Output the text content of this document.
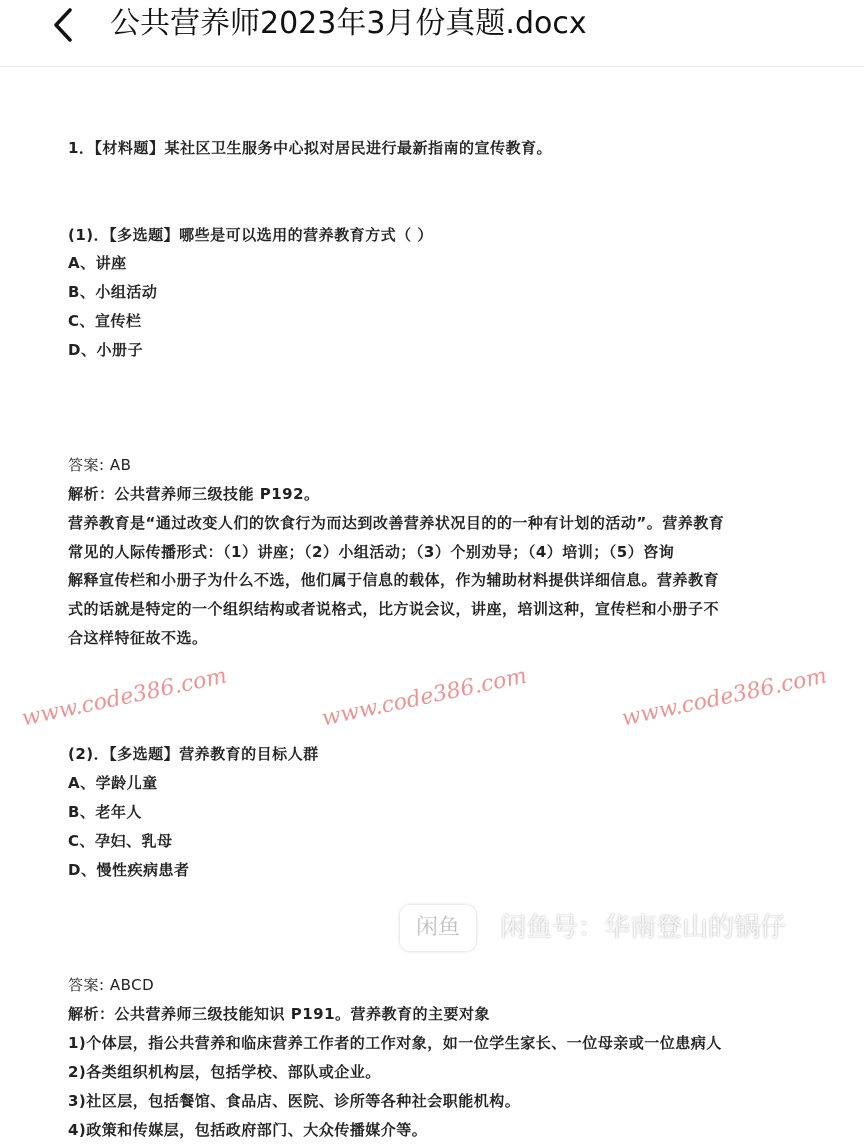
公共营养师2023年3月份真题.docx
1．【材料题】某社区卫生服务中心拟对居民进行最新指南的宣传教育。
(1)．【多选题】哪些是可以选用的营养教育方式（ ）
A、讲座
B、小组活动
C、宣传栏
D、小册子
答案: AB
解析：公共营养师三级技能 P192。
营养教育是“通过改变人们的饮食行为而达到改善营养状况目的的一种有计划的活动”。营养教育
常见的人际传播形式：（1）讲座；（2）小组活动；（3）个别劝导；（4）培训；（5）咨询
解释宣传栏和小册子为什么不选，他们属于信息的载体，作为辅助材料提供详细信息。营养教育
式的话就是特定的一个组织结构或者说格式，比方说会议，讲座，培训这种，宣传栏和小册子不
合这样特征故不选。
(2)．【多选题】营养教育的目标人群
A、学龄儿童
B、老年人
C、孕妇、乳母
D、慢性疾病患者
答案: ABCD
解析：公共营养师三级技能知识 P191。营养教育的主要对象
1)个体层，指公共营养和临床营养工作者的工作对象，如一位学生家长、一位母亲或一位患病人
2)各类组织机构层，包括学校、部队或企业。
3)社区层，包括餐馆、食品店、医院、诊所等各种社会职能机构。
4)政策和传媒层，包括政府部门、大众传播媒介等。
www.code386.com	www.code386.com	www.code386.com
闲鱼	闲鱼号：华南登山的锅仔
